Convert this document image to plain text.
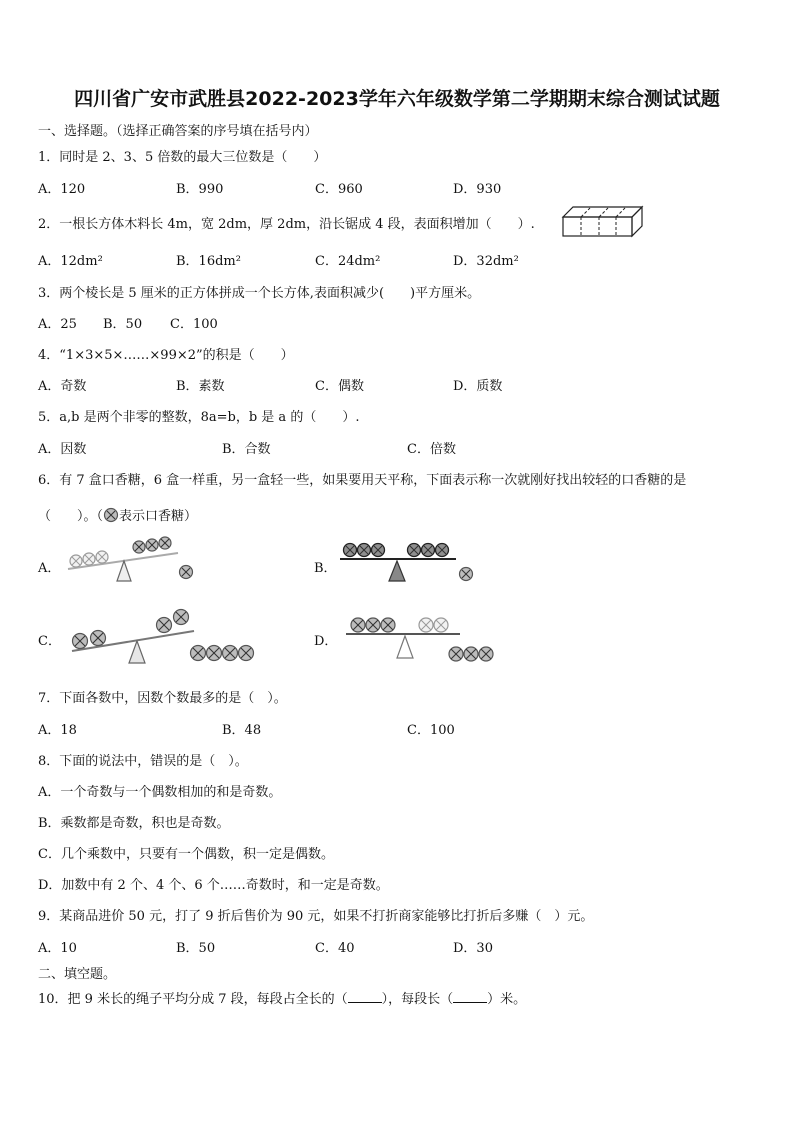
四川省广安市武胜县2022-2023学年六年级数学第二学期期末综合测试试题
一、选择题。（选择正确答案的序号填在括号内）
1．同时是 2、3、5 倍数的最大三位数是（　　）
A．120	B．990	C．960	D．930
2．一根长方体木料长 4m，宽 2dm，厚 2dm，沿长锯成 4 段，表面积增加（　　）.
A．12dm²	B．16dm²	C．24dm²	D．32dm²
3．两个棱长是 5 厘米的正方体拼成一个长方体,表面积减少(　　)平方厘米。
A．25 B．50 C．100
4．“1×3×5×……×99×2”的积是（　　）
A．奇数	B．素数	C．偶数	D．质数
5．a,b 是两个非零的整数，8a=b，b 是 a 的（　　）.
A．因数	B．合数	C．倍数
6．有 7 盒口香糖，6 盒一样重，另一盒轻一些，如果要用天平称，下面表示称一次就刚好找出较轻的口香糖的是
（　　）。（ 表示口香糖）
A．	B．
C．	D．
7．下面各数中，因数个数最多的是（　）。
A．18	B．48	C．100
8．下面的说法中，错误的是（　）。
A．一个奇数与一个偶数相加的和是奇数。
B．乘数都是奇数，积也是奇数。
C．几个乘数中，只要有一个偶数，积一定是偶数。
D．加数中有 2 个、4 个、6 个……奇数时，和一定是奇数。
9．某商品进价 50 元，打了 9 折后售价为 90 元，如果不打折商家能够比打折后多赚（　）元。
A．10	B．50	C．40	D．30
二、填空题。
10．把 9 米长的绳子平均分成 7 段，每段占全长的（	），每段长（	）米。
